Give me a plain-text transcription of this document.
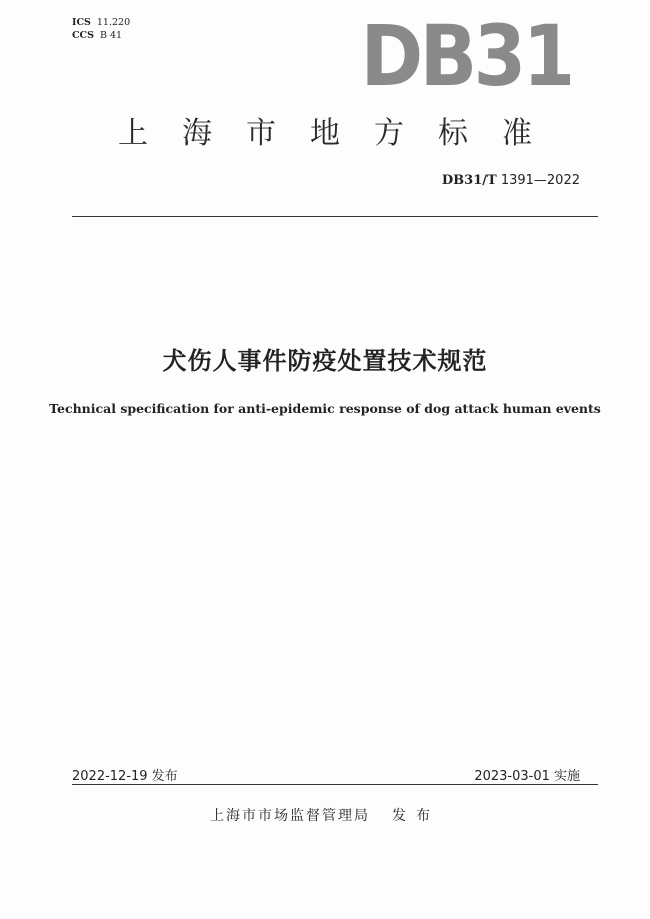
ICS 11.220
CCS B 41	DB31
上海市地方标准
DB31/T 1391—2022
犬伤人事件防疫处置技术规范
Technical specification for anti-epidemic response of dog attack human events
2022-12-19 发布	2023-03-01 实施
上海市市场监督管理局 发布
